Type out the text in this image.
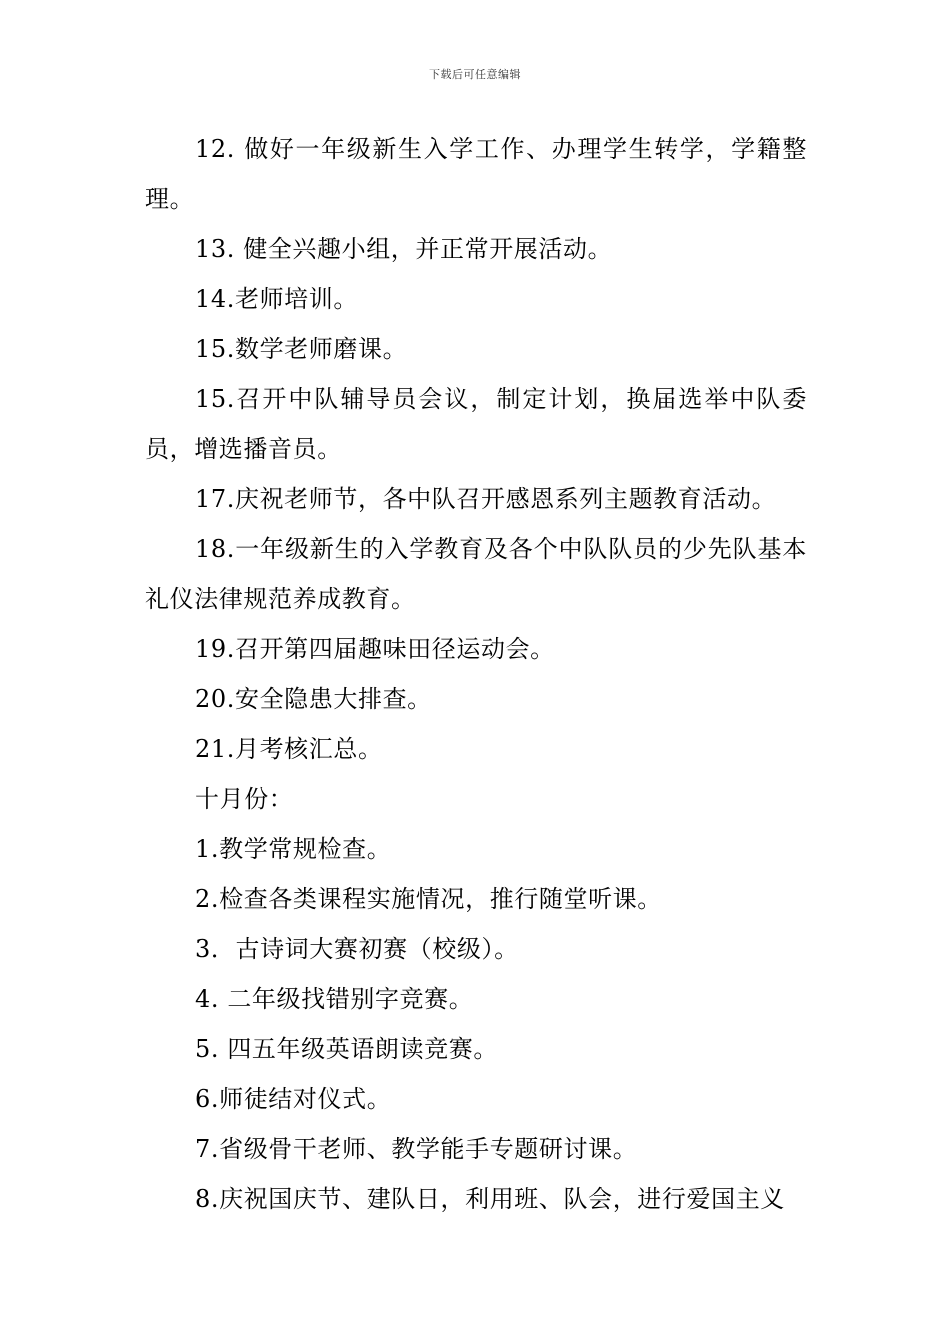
下载后可任意编辑

12. 做好一年级新生入学工作、办理学生转学，学籍整理。

13. 健全兴趣小组，并正常开展活动。

14.老师培训。

15.数学老师磨课。

15.召开中队辅导员会议，制定计划，换届选举中队委员，增选播音员。

17.庆祝老师节，各中队召开感恩系列主题教育活动。

18.一年级新生的入学教育及各个中队队员的少先队基本礼仪法律规范养成教育。

19.召开第四届趣味田径运动会。

20.安全隐患大排查。

21.月考核汇总。

十月份：

1.教学常规检查。

2.检查各类课程实施情况，推行随堂听课。

3．古诗词大赛初赛（校级）。

4. 二年级找错别字竞赛。

5. 四五年级英语朗读竞赛。

6.师徒结对仪式。

7.省级骨干老师、教学能手专题研讨课。

8.庆祝国庆节、建队日，利用班、队会，进行爱国主义
